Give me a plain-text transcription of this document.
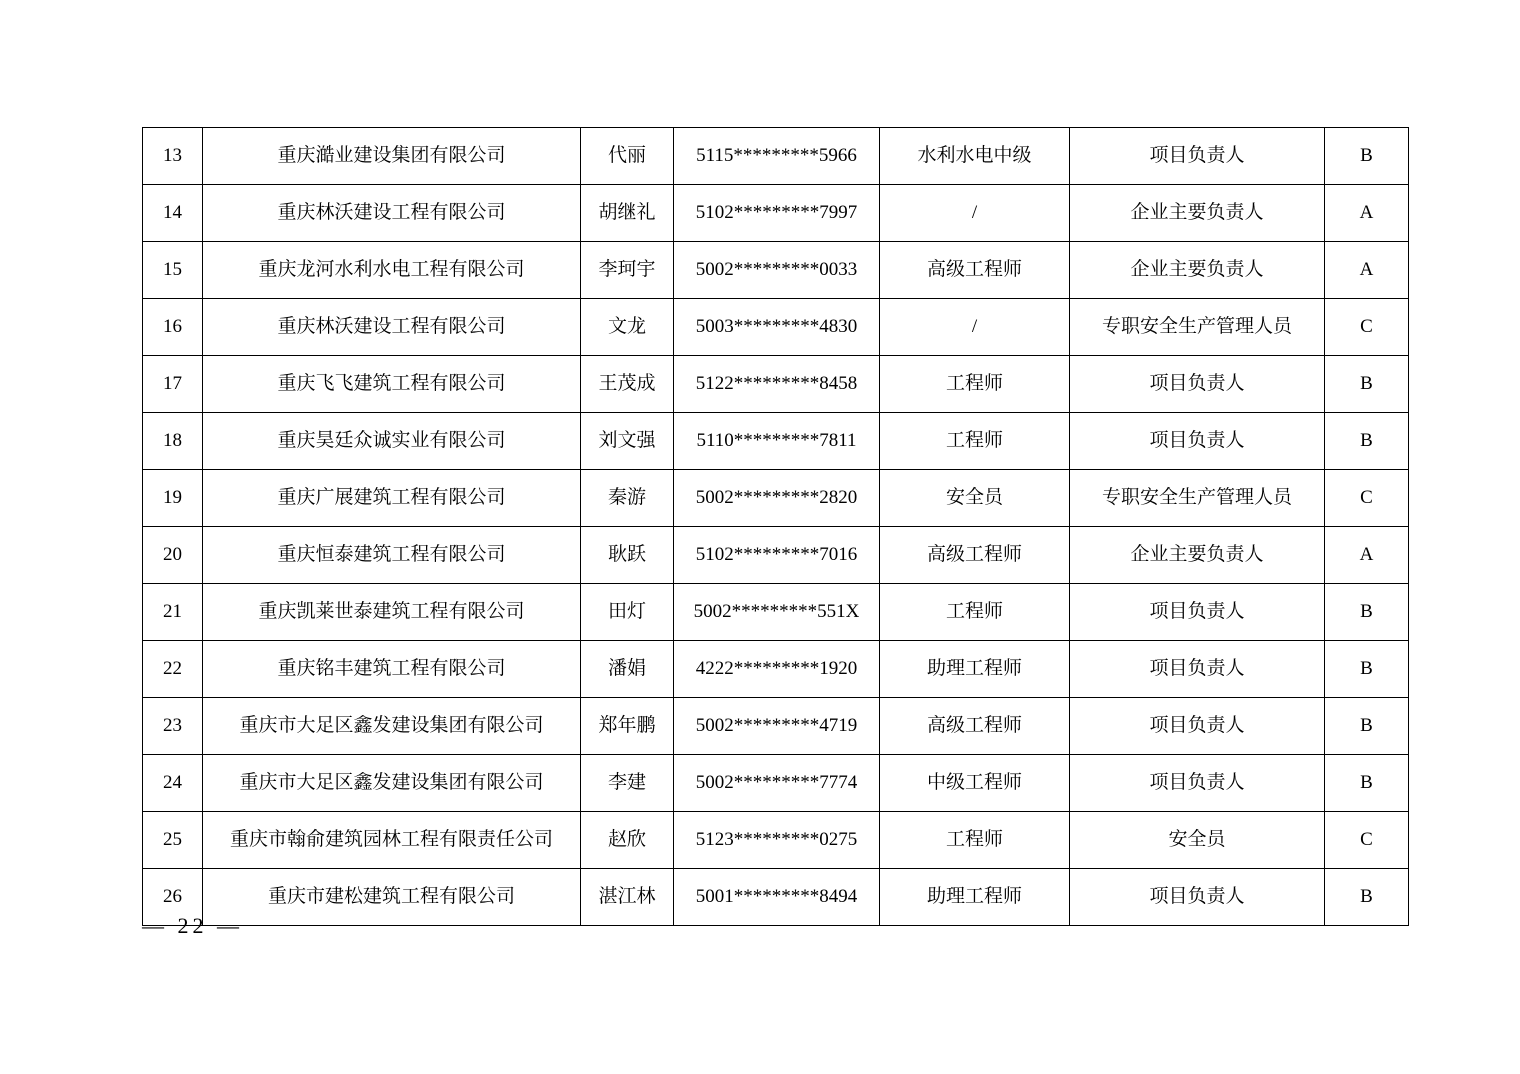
13	重庆澔业建设集团有限公司	代丽	5115*********5966	水利水电中级	项目负责人	B
14	重庆林沃建设工程有限公司	胡继礼	5102*********7997	/	企业主要负责人	A
15	重庆龙河水利水电工程有限公司	李珂宇	5002*********0033	高级工程师	企业主要负责人	A
16	重庆林沃建设工程有限公司	文龙	5003*********4830	/	专职安全生产管理人员	C
17	重庆飞飞建筑工程有限公司	王茂成	5122*********8458	工程师	项目负责人	B
18	重庆昊廷众诚实业有限公司	刘文强	5110*********7811	工程师	项目负责人	B
19	重庆广展建筑工程有限公司	秦游	5002*********2820	安全员	专职安全生产管理人员	C
20	重庆恒泰建筑工程有限公司	耿跃	5102*********7016	高级工程师	企业主要负责人	A
21	重庆凯莱世泰建筑工程有限公司	田灯	5002*********551X	工程师	项目负责人	B
22	重庆铭丰建筑工程有限公司	潘娟	4222*********1920	助理工程师	项目负责人	B
23	重庆市大足区鑫发建设集团有限公司	郑年鹏	5002*********4719	高级工程师	项目负责人	B
24	重庆市大足区鑫发建设集团有限公司	李建	5002*********7774	中级工程师	项目负责人	B
25	重庆市翰俞建筑园林工程有限责任公司	赵欣	5123*********0275	工程师	安全员	C
26	重庆市建松建筑工程有限公司	湛江林	5001*********8494	助理工程师	项目负责人	B
— 22 —
